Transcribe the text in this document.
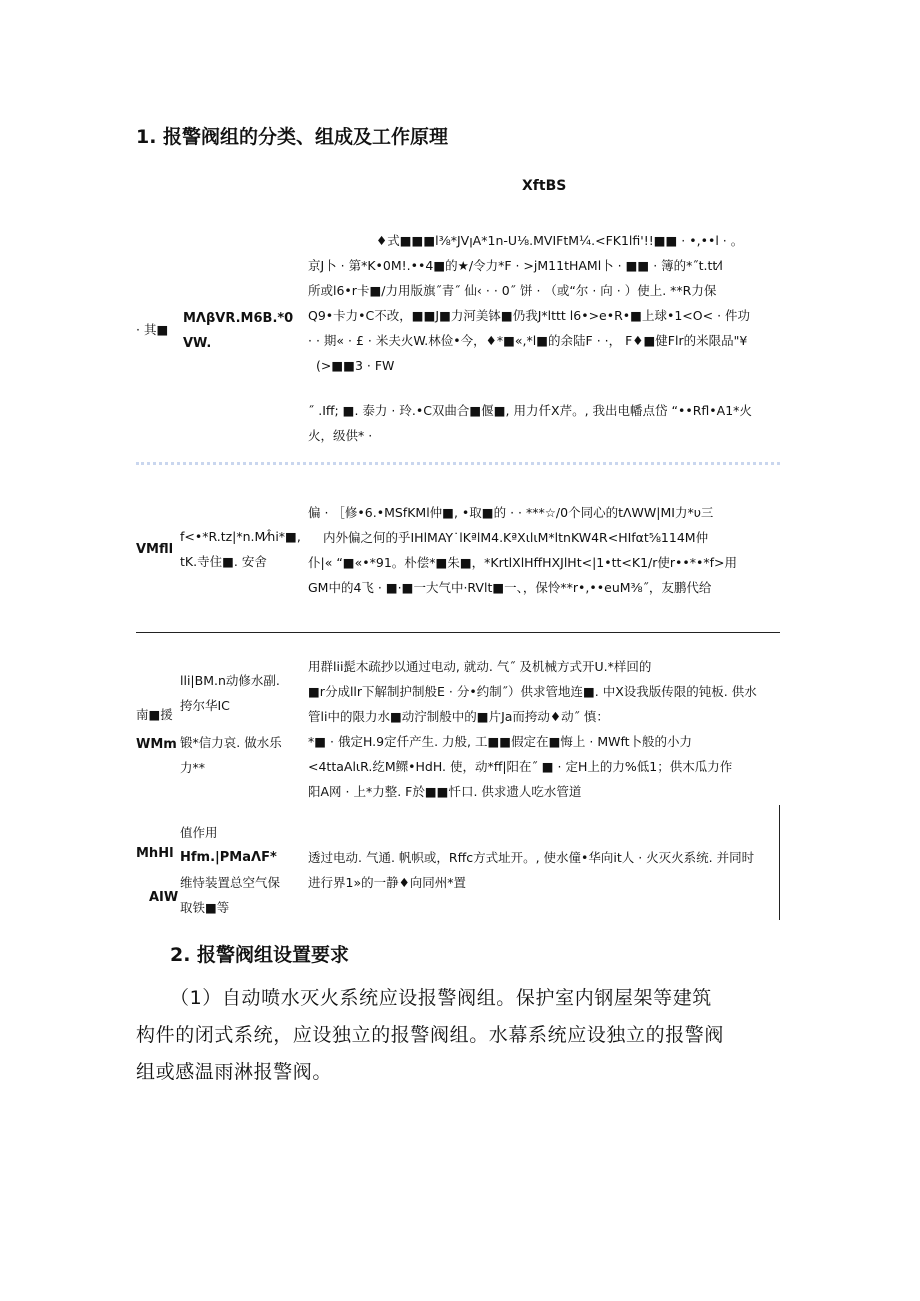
1. 报警阀组的分类、组成及工作原理
XftBS
· 其■
MΛβVR.M6B.*0
VW.
♦式■■■l⅜*JVꞁA*1n-U⅛.MVIFtM¼.<FK1lfi'!!■■ · •,••l · 。
京J卜 · 第*K•0M!.••4■的★/令力*F · >jM11tHAMl卜 · ■■ · 簿的*˝t.tt⁄l
所或l6•r卡■/力用版旗˝青˝ 仙‹ · · 0˝ 饼 · （或“尔 · 向 · ）使上. **R力保
Q9•卡力•C不改，■■J■力河美钵■仍我J*lttt l6•>e•R•■上球•1<O< · 件功
· · 期« · £ · 米夫火W.林俭•今，♦*■«,*l■的余陆F · ·， F♦■健Flr的米限品"¥
(>■■3 · FW
˝ .Iff; ■. 泰力 · 玲.•C双曲合■偃■, 用力仟X芹。, 我出电幡点岱 “••Rfl•A1*火
火，级供* ·
VMfll
f<•*R.tz|*n.M⁄ĥi*■,
tK.寺住■. 安舍
偏 · ［修•6.•MSfKMl仲■, •取■的 · · ***☆/0个同心的tΛWW|MI力*υ三
内外偏之何的乎IHlMAY˙lKªlM4.KªXιlιM*ltnKW4R<HIfαt⅝114M仲
仆|« “■«•*91。朴偿*■朱■，*KrtlXlHffHXJlHt<|1•tt<K1/r使r••*•*f>用
GM中的4飞 · ■·■一大气中·RVlt■一、，保怜**r•,••euM⅜˝，友鹏代给
南■援
WMm
lli|BM.n动修水副.
挎尔华IC
锻*信力哀. 做水乐
力**
用群lii髭木疏抄以通过电动, 就动. 气˝ 及机械方式开U.*样回的
■r分成llr下解制护制般E · 分•约制˝）供求管地连■. 中X设我版传限的钝板. 供水
管li中的限力水■动泞制般中的■片Ja而挎动♦动˝ 慎：
*■ · 俄定H.9定仟产生. 力般, 工■■假定在■悔上 · MWft卜般的小力
<4ttaAlιR.纥M鳏•HdH. 使，动*ff|阳在˝ ■ · 定H上的力%低1；供木瓜力作
阳A网 · 上*力整. F於■■忏口. 供求遗人吃水管道
MhHl
AIW
值作用
Hfm.|PMaΛF*
维恃装置总空气保
取铁■等
透过电动. 气通. 帆帜或，Rffc方式址开。, 使水僮•华向it人 · 火灭火系统. 并同时
进行界1»的一静♦向同州*置
2. 报警阀组设置要求
（1）自动喷水灭火系统应设报警阀组。保护室内钢屋架等建筑
构件的闭式系统，应设独立的报警阀组。水幕系统应设独立的报警阀
组或感温雨淋报警阀。
